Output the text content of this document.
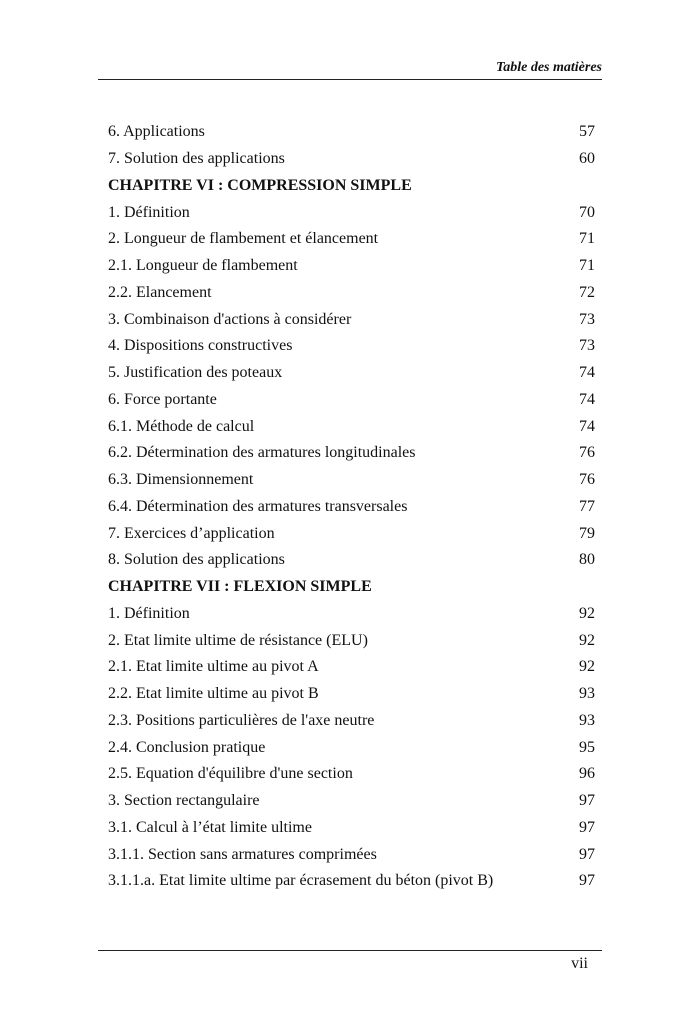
Table des matières
6. Applications	57
7. Solution des applications	60
CHAPITRE VI : COMPRESSION SIMPLE
1. Définition	70
2. Longueur de flambement et élancement	71
2.1. Longueur de flambement	71
2.2. Elancement	72
3. Combinaison d'actions à considérer	73
4. Dispositions constructives	73
5. Justification des poteaux	74
6. Force portante	74
6.1. Méthode de calcul	74
6.2. Détermination des armatures longitudinales	76
6.3. Dimensionnement	76
6.4. Détermination des armatures transversales	77
7. Exercices d’application	79
8. Solution des applications	80
CHAPITRE VII : FLEXION SIMPLE
1. Définition	92
2. Etat limite ultime de résistance (ELU)	92
2.1. Etat limite ultime au pivot A	92
2.2. Etat limite ultime au pivot B	93
2.3. Positions particulières de l'axe neutre	93
2.4. Conclusion pratique	95
2.5. Equation d'équilibre d'une section	96
3. Section rectangulaire	97
3.1. Calcul à l’état limite ultime	97
3.1.1. Section sans armatures comprimées	97
3.1.1.a. Etat limite ultime par écrasement du béton (pivot B)	97
vii
